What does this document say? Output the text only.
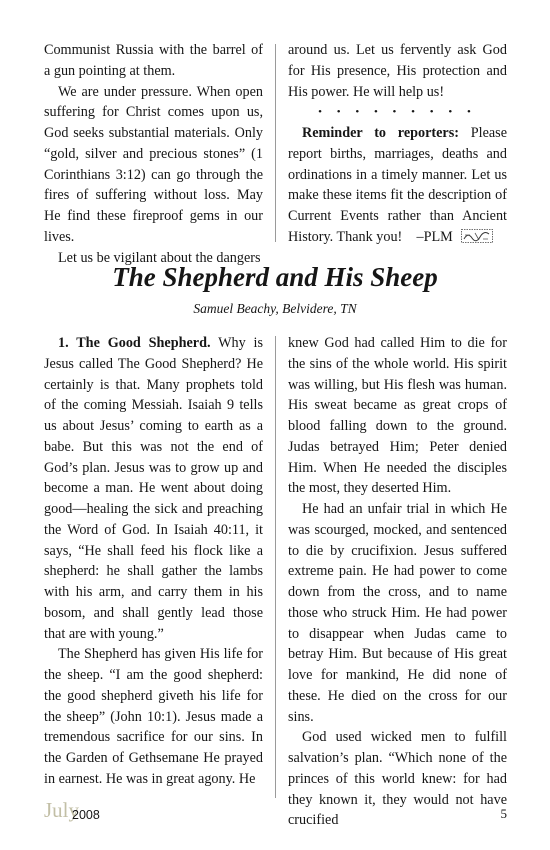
Communist Russia with the barrel of a gun pointing at them.

We are under pressure. When open suffering for Christ comes upon us, God seeks substantial materials. Only “gold, silver and precious stones” (1 Corinthians 3:12) can go through the fires of suffering without loss. May He find these fireproof gems in our lives.

Let us be vigilant about the dangers

around us. Let us fervently ask God for His presence, His protection and His power. He will help us!

• • • • • • • • •

Reminder to reporters: Please report births, marriages, deaths and ordinations in a timely manner. Let us make these items fit the description of Current Events rather than Ancient History. Thank you! –PLM

The Shepherd and His Sheep

Samuel Beachy, Belvidere, TN

1. The Good Shepherd. Why is Jesus called The Good Shepherd? He certainly is that. Many prophets told of the coming Messiah. Isaiah 9 tells us about Jesus’ coming to earth as a babe. But this was not the end of God’s plan. Jesus was to grow up and become a man. He went about doing good—healing the sick and preaching the Word of God. In Isaiah 40:11, it says, “He shall feed his flock like a shepherd: he shall gather the lambs with his arm, and carry them in his bosom, and shall gently lead those that are with young.”

The Shepherd has given His life for the sheep. “I am the good shepherd: the good shepherd giveth his life for the sheep” (John 10:1). Jesus made a tremendous sacrifice for our sins. In the Garden of Gethsemane He prayed in earnest. He was in great agony. He

knew God had called Him to die for the sins of the whole world. His spirit was willing, but His flesh was human. His sweat became as great crops of blood falling down to the ground. Judas betrayed Him; Peter denied Him. When He needed the disciples the most, they deserted Him.

He had an unfair trial in which He was scourged, mocked, and sentenced to die by crucifixion. Jesus suffered extreme pain. He had power to come down from the cross, and to name those who struck Him. He had power to disappear when Judas came to betray Him. But because of His great love for mankind, He did none of these. He died on the cross for our sins.

God used wicked men to fulfill salvation’s plan. “Which none of the princes of this world knew: for had they known it, they would not have crucified

July
2008	5
